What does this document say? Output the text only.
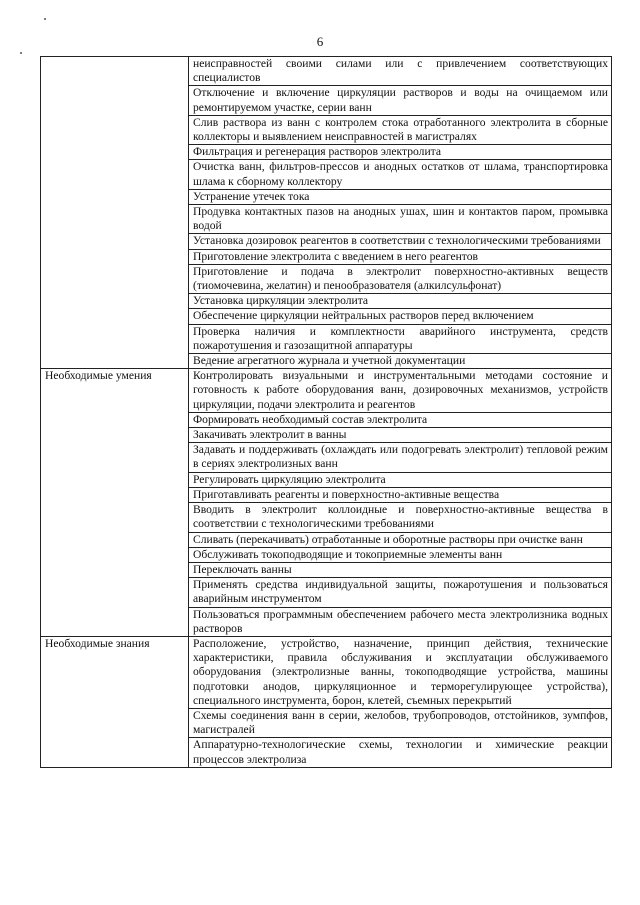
6
	неисправностей своими силами или с привлечением соответствующих специалистов
	Отключение и включение циркуляции растворов и воды на очищаемом или ремонтируемом участке, серии ванн
	Слив раствора из ванн с контролем стока отработанного электролита в сборные коллекторы и выявлением неисправностей в магистралях
	Фильтрация и регенерация растворов электролита
	Очистка ванн, фильтров-прессов и анодных остатков от шлама, транспортировка шлама к сборному коллектору
	Устранение утечек тока
	Продувка контактных пазов на анодных ушах, шин и контактов паром, промывка водой
	Установка дозировок реагентов в соответствии с технологическими требованиями
	Приготовление электролита с введением в него реагентов
	Приготовление и подача в электролит поверхностно-активных веществ (тиомочевина, желатин) и пенообразователя (алкилсульфонат)
	Установка циркуляции электролита
	Обеспечение циркуляции нейтральных растворов перед включением
	Проверка наличия и комплектности аварийного инструмента, средств пожаротушения и газозащитной аппаратуры
	Ведение агрегатного журнала и учетной документации
Необходимые умения	Контролировать визуальными и инструментальными методами состояние и готовность к работе оборудования ванн, дозировочных механизмов, устройств циркуляции, подачи электролита и реагентов
	Формировать необходимый состав электролита
	Закачивать электролит в ванны
	Задавать и поддерживать (охлаждать или подогревать электролит) тепловой режим в сериях электролизных ванн
	Регулировать циркуляцию электролита
	Приготавливать реагенты и поверхностно-активные вещества
	Вводить в электролит коллоидные и поверхностно-активные вещества в соответствии с технологическими требованиями
	Сливать (перекачивать) отработанные и оборотные растворы при очистке ванн
	Обслуживать токоподводящие и токоприемные элементы ванн
	Переключать ванны
	Применять средства индивидуальной защиты, пожаротушения и пользоваться аварийным инструментом
	Пользоваться программным обеспечением рабочего места электролизника водных растворов
Необходимые знания	Расположение, устройство, назначение, принцип действия, технические характеристики, правила обслуживания и эксплуатации обслуживаемого оборудования (электролизные ванны, токоподводящие устройства, машины подготовки анодов, циркуляционное и терморегулирующее устройства), специального инструмента, борон, клетей, съемных перекрытий
	Схемы соединения ванн в серии, желобов, трубопроводов, отстойников, зумпфов, магистралей
	Аппаратурно-технологические схемы, технологии и химические реакции процессов электролиза
